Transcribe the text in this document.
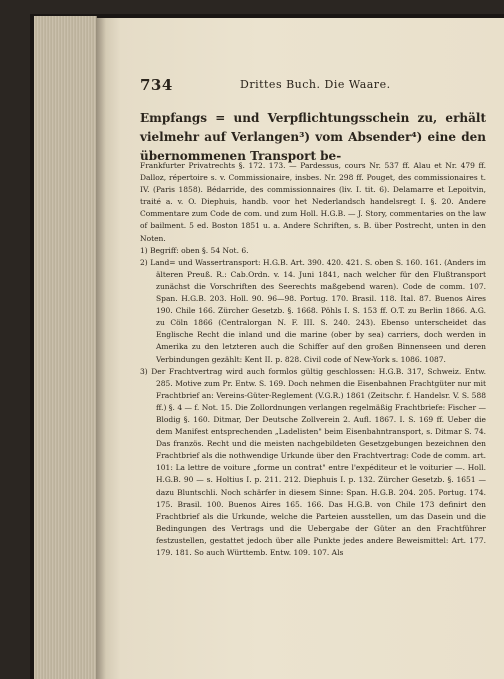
734	Drittes Buch. Die Waare.
Empfangs = und Verpflichtungsschein zu, erhält vielmehr auf Verlangen³) vom Absender⁴) eine den übernommenen Transport be-

Frankfurter Privatrechts §. 172. 173. — Pardessus, cours Nr. 537 ff. Alau et Nr. 479 ff. Dalloz, répertoire s. v. Commissionaire, insbes. Nr. 298 ff. Pouget, des commissionaires t. IV. (Paris 1858). Bédarride, des commissionnaires (liv. I. tit. 6). Delamarre et Lepoitvin, traité a. v. O. Diephuis, handb. voor het Nederlandsch handelsregt I. §. 20. Andere Commentare zum Code de com. und zum Holl. H.G.B. — J. Story, commentaries on the law of bailment. 5 ed. Boston 1851 u. a. Andere Schriften, s. B. über Postrecht, unten in den Noten.

1) Begriff: oben §. 54 Not. 6.

2) Land= und Wassertransport: H.G.B. Art. 390. 420. 421. S. oben S. 160. 161. (Anders im älteren Preuß. R.: Cab.Ordn. v. 14. Juni 1841, nach welcher für den Flußtransport zunächst die Vorschriften des Seerechts maßgebend waren). Code de comm. 107. Span. H.G.B. 203. Holl. 90. 96—98. Portug. 170. Brasil. 118. Ital. 87. Buenos Aires 190. Chile 166. Zürcher Gesetzb. §. 1668. Pöhls I. S. 153 ff. O.T. zu Berlin 1866. A.G. zu Cöln 1866 (Centralorgan N. F. III. S. 240. 243). Ebenso unterscheidet das Englische Recht die inland und die marine (ober by sea) carriers, doch werden in Amerika zu den letzteren auch die Schiffer auf den großen Binnenseen und deren Verbindungen gezählt: Kent II. p. 828. Civil code of New-York s. 1086. 1087.

3) Der Frachtvertrag wird auch formlos gültig geschlossen: H.G.B. 317, Schweiz. Entw. 285. Motive zum Pr. Entw. S. 169. Doch nehmen die Eisenbahnen Frachtgüter nur mit Frachtbrief an: Vereins-Güter-Reglement (V.G.R.) 1861 (Zeitschr. f. Handelsr. V. S. 588 ff.) §. 4 — f. Not. 15. Die Zollordnungen verlangen regelmäßig Frachtbriefe: Fischer — Blodig §. 160. Ditmar, Der Deutsche Zollverein 2. Aufl. 1867. I. S. 169 ff. Ueber die dem Manifest entsprechenden „Ladelisten" beim Eisenbahntransport, s. Ditmar S. 74. Das französ. Recht und die meisten nachgebildeten Gesetzgebungen bezeichnen den Frachtbrief als die nothwendige Urkunde über den Frachtvertrag: Code de comm. art. 101: La lettre de voiture „forme un contrat" entre l'expéditeur et le voiturier —. Holl. H.G.B. 90 — s. Holtius I. p. 211. 212. Diephuis I. p. 132. Zürcher Gesetzb. §. 1651 — dazu Bluntschli. Noch schärfer in diesem Sinne: Span. H.G.B. 204. 205. Portug. 174. 175. Brasil. 100. Buenos Aires 165. 166. Das H.G.B. von Chile 173 definirt den Frachtbrief als die Urkunde, welche die Parteien ausstellen, um das Dasein und die Bedingungen des Vertrags und die Uebergabe der Güter an den Frachtführer festzustellen, gestattet jedoch über alle Punkte jedes andere Beweismittel: Art. 177. 179. 181. So auch Württemb. Entw. 109. 107. Als
